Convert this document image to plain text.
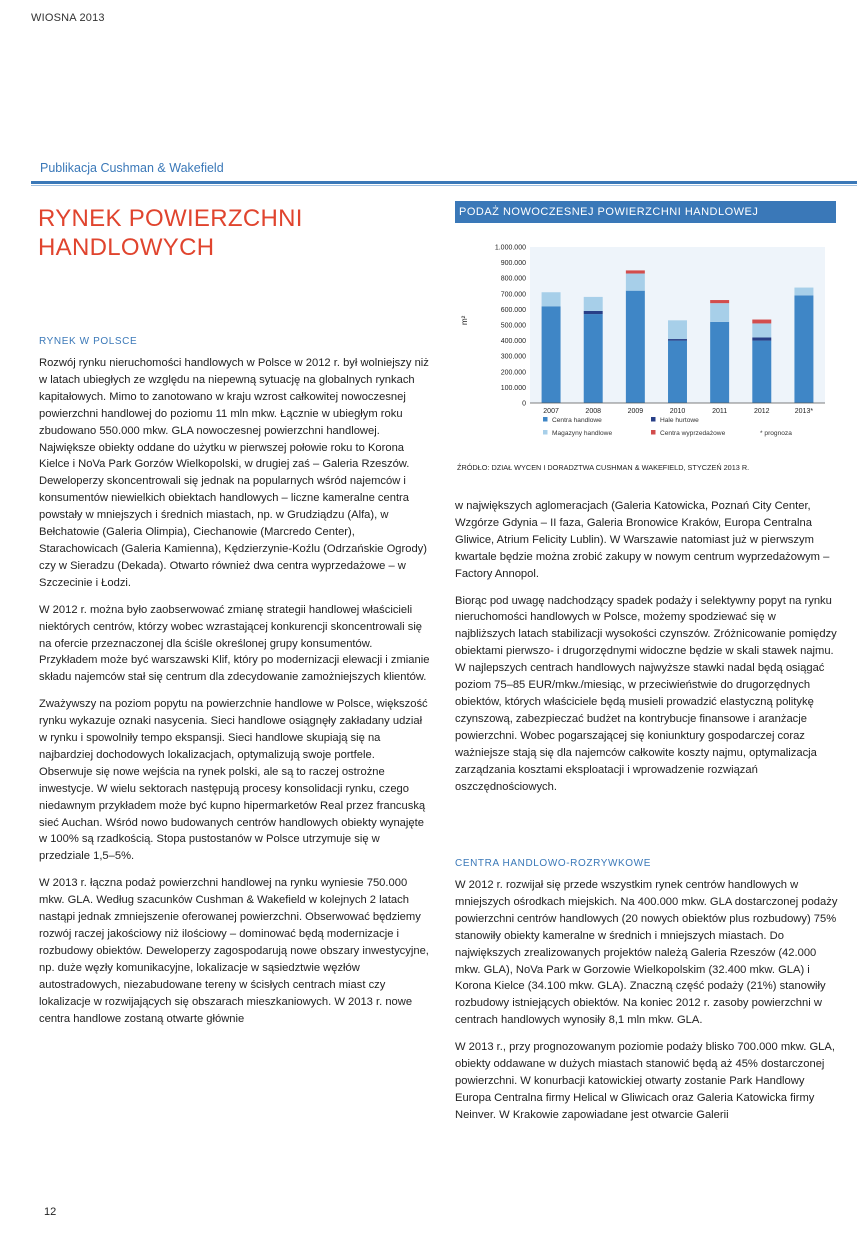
WIOSNA 2013
Publikacja Cushman & Wakefield
RYNEK POWIERZCHNI
HANDLOWYCH
RYNEK W POLSCE

Rozwój rynku nieruchomości handlowych w Polsce w 2012 r. był wolniejszy niż w latach ubiegłych ze względu na niepewną sytuację na globalnych rynkach kapitałowych. Mimo to zanotowano w kraju wzrost całkowitej nowoczesnej powierzchni handlowej do poziomu 11 mln mkw. Łącznie w ubiegłym roku zbudowano 550.000 mkw. GLA nowoczesnej powierzchni handlowej. Największe obiekty oddane do użytku w pierwszej połowie roku to Korona Kielce i NoVa Park Gorzów Wielkopolski, w drugiej zaś – Galeria Rzeszów. Deweloperzy skoncentrowali się jednak na popularnych wśród najemców i konsumentów niewielkich obiektach handlowych – liczne kameralne centra powstały w mniejszych i średnich miastach, np. w Grudziądzu (Alfa), w Bełchatowie (Galeria Olimpia), Ciechanowie (Marcredo Center), Starachowicach (Galeria Kamienna), Kędzierzynie-Koźlu (Odrzańskie Ogrody) czy w Sieradzu (Dekada). Otwarto również dwa centra wyprzedażowe – w Szczecinie i Łodzi.

W 2012 r. można było zaobserwować zmianę strategii handlowej właścicieli niektórych centrów, którzy wobec wzrastającej konkurencji skoncentrowali się na ofercie przeznaczonej dla ściśle określonej grupy konsumentów. Przykładem może być warszawski Klif, który po modernizacji elewacji i zmianie składu najemców stał się centrum dla zdecydowanie zamożniejszych klientów.

Zważywszy na poziom popytu na powierzchnie handlowe w Polsce, większość rynku wykazuje oznaki nasycenia. Sieci handlowe osiągnęły zakładany udział w rynku i spowolniły tempo ekspansji. Sieci handlowe skupiają się na najbardziej dochodowych lokalizacjach, optymalizują swoje portfele. Obserwuje się nowe wejścia na rynek polski, ale są to raczej ostrożne inwestycje. W wielu sektorach następują procesy konsolidacji rynku, czego niedawnym przykładem może być kupno hipermarketów Real przez francuską sieć Auchan. Wśród nowo budowanych centrów handlowych obiekty wynajęte w 100% są rzadkością. Stopa pustostanów w Polsce utrzymuje się w przedziale 1,5–5%.

W 2013 r. łączna podaż powierzchni handlowej na rynku wyniesie 750.000 mkw. GLA. Według szacunków Cushman & Wakefield w kolejnych 2 latach nastąpi jednak zmniejszenie oferowanej powierzchni. Obserwować będziemy rozwój raczej jakościowy niż ilościowy – dominować będą modernizacje i rozbudowy obiektów. Deweloperzy zagospodarują nowe obszary inwestycyjne, np. duże węzły komunikacyjne, lokalizacje w sąsiedztwie węzłów autostradowych, niezabudowane tereny w ścisłych centrach miast czy lokalizacje w rozwijających się obszarach mieszkaniowych. W 2013 r. nowe centra handlowe zostaną otwarte głównie

PODAŻ NOWOCZESNEJ POWIERZCHNI HANDLOWEJ
1.000.000
900.000
800.000
700.000
600.000
500.000
400.000
300.000
200.000
100.000
0
m²
2007	2008	2009	2010	2011	2012	2013*
Centra handlowe	Hale hurtowe
Magazyny handlowe	Centra wyprzedażowe	* prognoza
ŹRÓDŁO: DZIAŁ WYCEN I DORADZTWA CUSHMAN & WAKEFIELD, STYCZEŃ 2013 R.

w największych aglomeracjach (Galeria Katowicka, Poznań City Center, Wzgórze Gdynia – II faza, Galeria Bronowice Kraków, Europa Centralna Gliwice, Atrium Felicity Lublin). W Warszawie natomiast już w pierwszym kwartale będzie można zrobić zakupy w nowym centrum wyprzedażowym – Factory Annopol.

Biorąc pod uwagę nadchodzący spadek podaży i selektywny popyt na rynku nieruchomości handlowych w Polsce, możemy spodziewać się w najbliższych latach stabilizacji wysokości czynszów. Zróżnicowanie pomiędzy obiektami pierwszo- i drugorzędnymi widoczne będzie w skali stawek najmu. W najlepszych centrach handlowych najwyższe stawki nadal będą osiągać poziom 75–85 EUR/mkw./miesiąc, w przeciwieństwie do drugorzędnych obiektów, których właściciele będą musieli prowadzić elastyczną politykę czynszową, zabezpieczać budżet na kontrybucje finansowe i aranżacje powierzchni. Wobec pogarszającej się koniunktury gospodarczej coraz ważniejsze stają się dla najemców całkowite koszty najmu, optymalizacja zarządzania kosztami eksploatacji i wprowadzenie rozwiązań oszczędnościowych.

CENTRA HANDLOWO-ROZRYWKOWE

W 2012 r. rozwijał się przede wszystkim rynek centrów handlowych w mniejszych ośrodkach miejskich. Na 400.000 mkw. GLA dostarczonej podaży powierzchni centrów handlowych (20 nowych obiektów plus rozbudowy) 75% stanowiły obiekty kameralne w średnich i mniejszych miastach. Do największych zrealizowanych projektów należą Galeria Rzeszów (42.000 mkw. GLA), NoVa Park w Gorzowie Wielkopolskim (32.400 mkw. GLA) i Korona Kielce (34.100 mkw. GLA). Znaczną część podaży (21%) stanowiły rozbudowy istniejących obiektów. Na koniec 2012 r. zasoby powierzchni w centrach handlowych wynosiły 8,1 mln mkw. GLA.

W 2013 r., przy prognozowanym poziomie podaży blisko 700.000 mkw. GLA, obiekty oddawane w dużych miastach stanowić będą aż 45% dostarczonej powierzchni. W konurbacji katowickiej otwarty zostanie Park Handlowy Europa Centralna firmy Helical w Gliwicach oraz Galeria Katowicka firmy Neinver. W Krakowie zapowiadane jest otwarcie Galerii

12
